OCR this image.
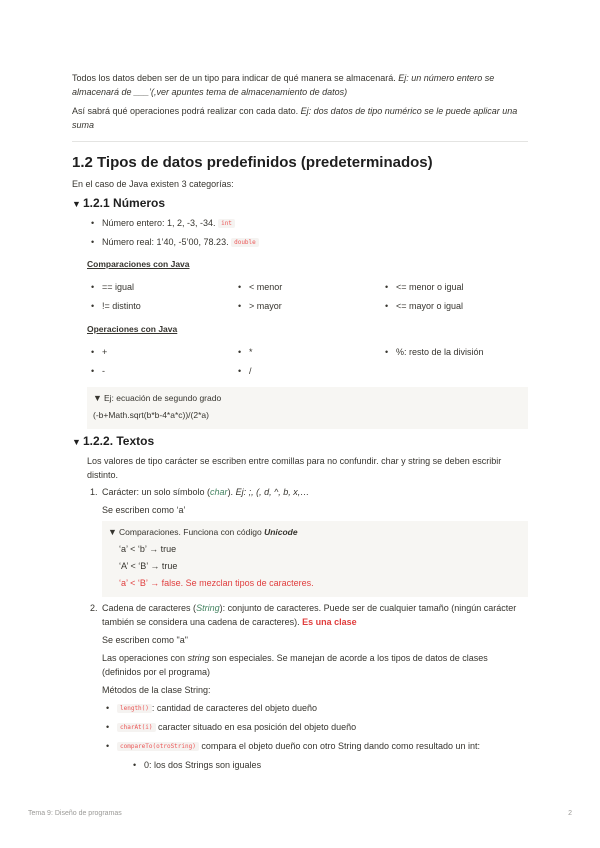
Todos los datos deben ser de un tipo para indicar de qué manera se almacenará. Ej: un número entero se almacenará de ___’(,ver apuntes tema de almacenamiento de datos)

Así sabrá qué operaciones podrá realizar con cada dato. Ej: dos datos de tipo numérico se le puede aplicar una suma

1.2 Tipos de datos predefinidos (predeterminados)

En el caso de Java existen 3 categorías:

▼ 1.2.1 Números
• Número entero: 1, 2, -3, -34. int
• Número real: 1’40, -5’00, 78.23. double

Comparaciones con Java

• == igual
• != distinto
• < menor
• > mayor
• <= menor o igual
• <= mayor o igual

Operaciones con Java

• +
• -
• *
• /
• %: resto de la división

▼ Ej: ecuación de segundo grado

(-b+Math.sqrt(b*b-4*a*c))/(2*a)

▼ 1.2.2. Textos

Los valores de tipo carácter se escriben entre comillas para no confundir. char y string se deben escribir distinto.

1. Carácter: un solo símbolo (char). Ej: ;, (, d, ^, b, x,…

Se escriben como ‘a’

▼ Comparaciones. Funciona con código Unicode

‘a’ < ‘b’ → true

‘A’ < ‘B’ → true

‘a’ < ‘B’ → false. Se mezclan tipos de caracteres.

2. Cadena de caracteres (String): conjunto de caracteres. Puede ser de cualquier tamaño (ningún carácter también se considera una cadena de caracteres). Es una clase

Se escriben como "a"

Las operaciones con string son especiales. Se manejan de acorde a los tipos de datos de clases (definidos por el programa)

Métodos de la clase String:

• length() : cantidad de caracteres del objeto dueño
• charAt(i) caracter situado en esa posición del objeto dueño
• compareTo(otroString) compara el objeto dueño con otro String dando como resultado un int:
• 0: los dos Strings son iguales
Tema 9: Diseño de programas	2
